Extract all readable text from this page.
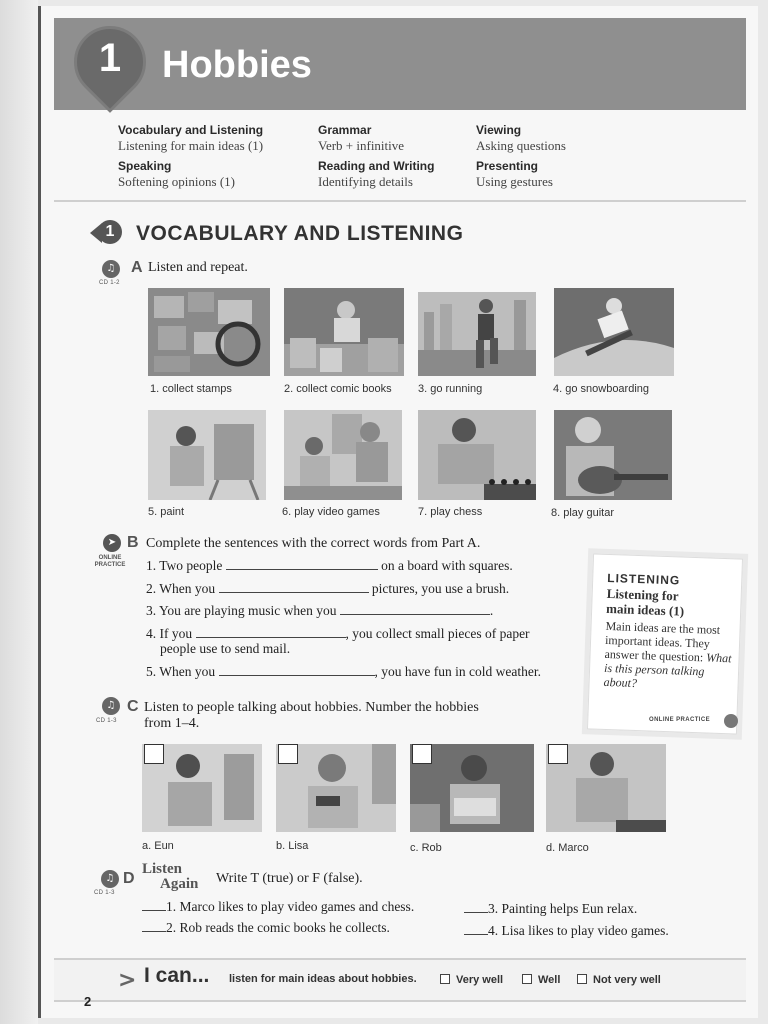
1	Hobbies
Vocabulary and Listening
Listening for main ideas (1)
Speaking
Softening opinions (1)
Grammar
Verb + infinitive
Reading and Writing
Identifying details
Viewing
Asking questions
Presenting
Using gestures
1	VOCABULARY AND LISTENING
♫
CD 1-2
A Listen and repeat.
1. collect stamps	2. collect comic books 3. go running	4. go snowboarding
5. paint	6. play video games	7. play chess	8. play guitar
➤
ONLINE
PRACTICE
B Complete the sentences with the correct words from Part A.
1. Two people	on a board with squares.
2. When you	pictures, you use a brush.
3. You are playing music when you	.
4. If you	, you collect small pieces of paper
people use to send mail.
5. When you	, you have fun in cold weather.
LISTENING
Listening for
main ideas (1)
Main ideas are the most important ideas. They answer the question: What is this person talking about?
ONLINE PRACTICE
♫
CD 1-3
C Listen to people talking about hobbies. Number the hobbies
from 1–4.
a. Eun	b. Lisa	c. Rob	d. Marco
♫
CD 1-3
D
Listen
Again Write T (true) or F (false).
1. Marco likes to play video games and chess.
2. Rob reads the comic books he collects.
3. Painting helps Eun relax.
4. Lisa likes to play video games.
> I can... listen for main ideas about hobbies.	Very well	Well	Not very well
2
